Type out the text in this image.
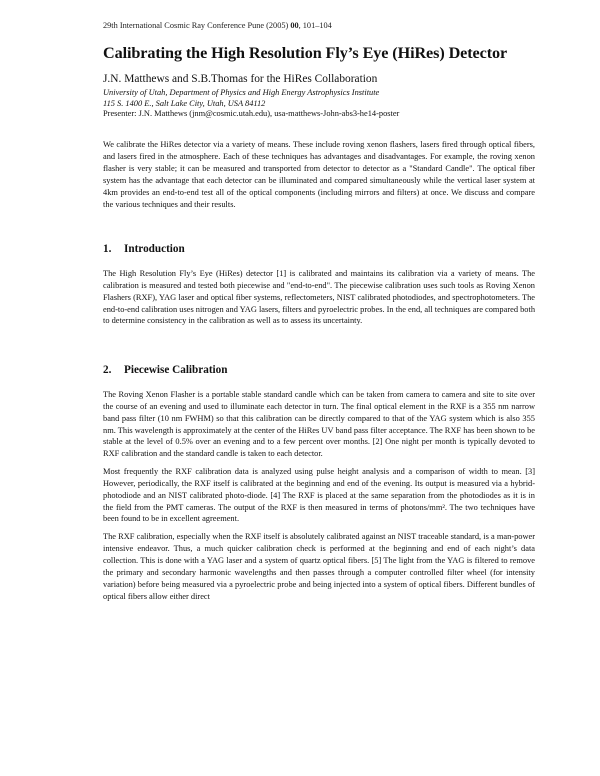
29th International Cosmic Ray Conference Pune (2005) 00, 101–104
Calibrating the High Resolution Fly’s Eye (HiRes) Detector
J.N. Matthews and S.B.Thomas for the HiRes Collaboration
University of Utah, Department of Physics and High Energy Astrophysics Institute
115 S. 1400 E., Salt Lake City, Utah, USA 84112
Presenter: J.N. Matthews (jnm@cosmic.utah.edu), usa-matthews-John-abs3-he14-poster
We calibrate the HiRes detector via a variety of means. These include roving xenon flashers, lasers fired through optical fibers, and lasers fired in the atmosphere. Each of these techniques has advantages and disadvantages. For example, the roving xenon flasher is very stable; it can be measured and transported from detector to detector as a "Standard Candle". The optical fiber system has the advantage that each detector can be illuminated and compared simultaneously while the vertical laser system at 4km provides an end-to-end test all of the optical components (including mirrors and filters) at once. We discuss and compare the various techniques and their results.
1. Introduction

The High Resolution Fly’s Eye (HiRes) detector [1] is calibrated and maintains its calibration via a variety of means. The calibration is measured and tested both piecewise and "end-to-end". The piecewise calibration uses such tools as Roving Xenon Flashers (RXF), YAG laser and optical fiber systems, reflectometers, NIST calibrated photodiodes, and spectrophotometers. The end-to-end calibration uses nitrogen and YAG lasers, filters and pyroelectric probes. In the end, all techniques are compared both to determine consistency in the calibration as well as to assess its uncertainty.

2. Piecewise Calibration

The Roving Xenon Flasher is a portable stable standard candle which can be taken from camera to camera and site to site over the course of an evening and used to illuminate each detector in turn. The final optical element in the RXF is a 355 nm narrow band pass filter (10 nm FWHM) so that this calibration can be directly compared to that of the YAG system which is also 355 nm. This wavelength is approximately at the center of the HiRes UV band pass filter acceptance. The RXF has been shown to be stable at the level of 0.5% over an evening and to a few percent over months. [2] One night per month is typically devoted to RXF calibration and the standard candle is taken to each detector.

Most frequently the RXF calibration data is analyzed using pulse height analysis and a comparison of width to mean. [3] However, periodically, the RXF itself is calibrated at the beginning and end of the evening. Its output is measured via a hybrid-photodiode and an NIST calibrated photo-diode. [4] The RXF is placed at the same separation from the photodiodes as it is in the field from the PMT cameras. The output of the RXF is then measured in terms of photons/mm². The two techniques have been found to be in excellent agreement.

The RXF calibration, especially when the RXF itself is absolutely calibrated against an NIST traceable standard, is a man-power intensive endeavor. Thus, a much quicker calibration check is performed at the beginning and end of each night’s data collection. This is done with a YAG laser and a system of quartz optical fibers. [5] The light from the YAG is filtered to remove the primary and secondary harmonic wavelengths and then passes through a computer controlled filter wheel (for intensity variation) before being measured via a pyroelectric probe and being injected into a system of optical fibers. Different bundles of optical fibers allow either direct
